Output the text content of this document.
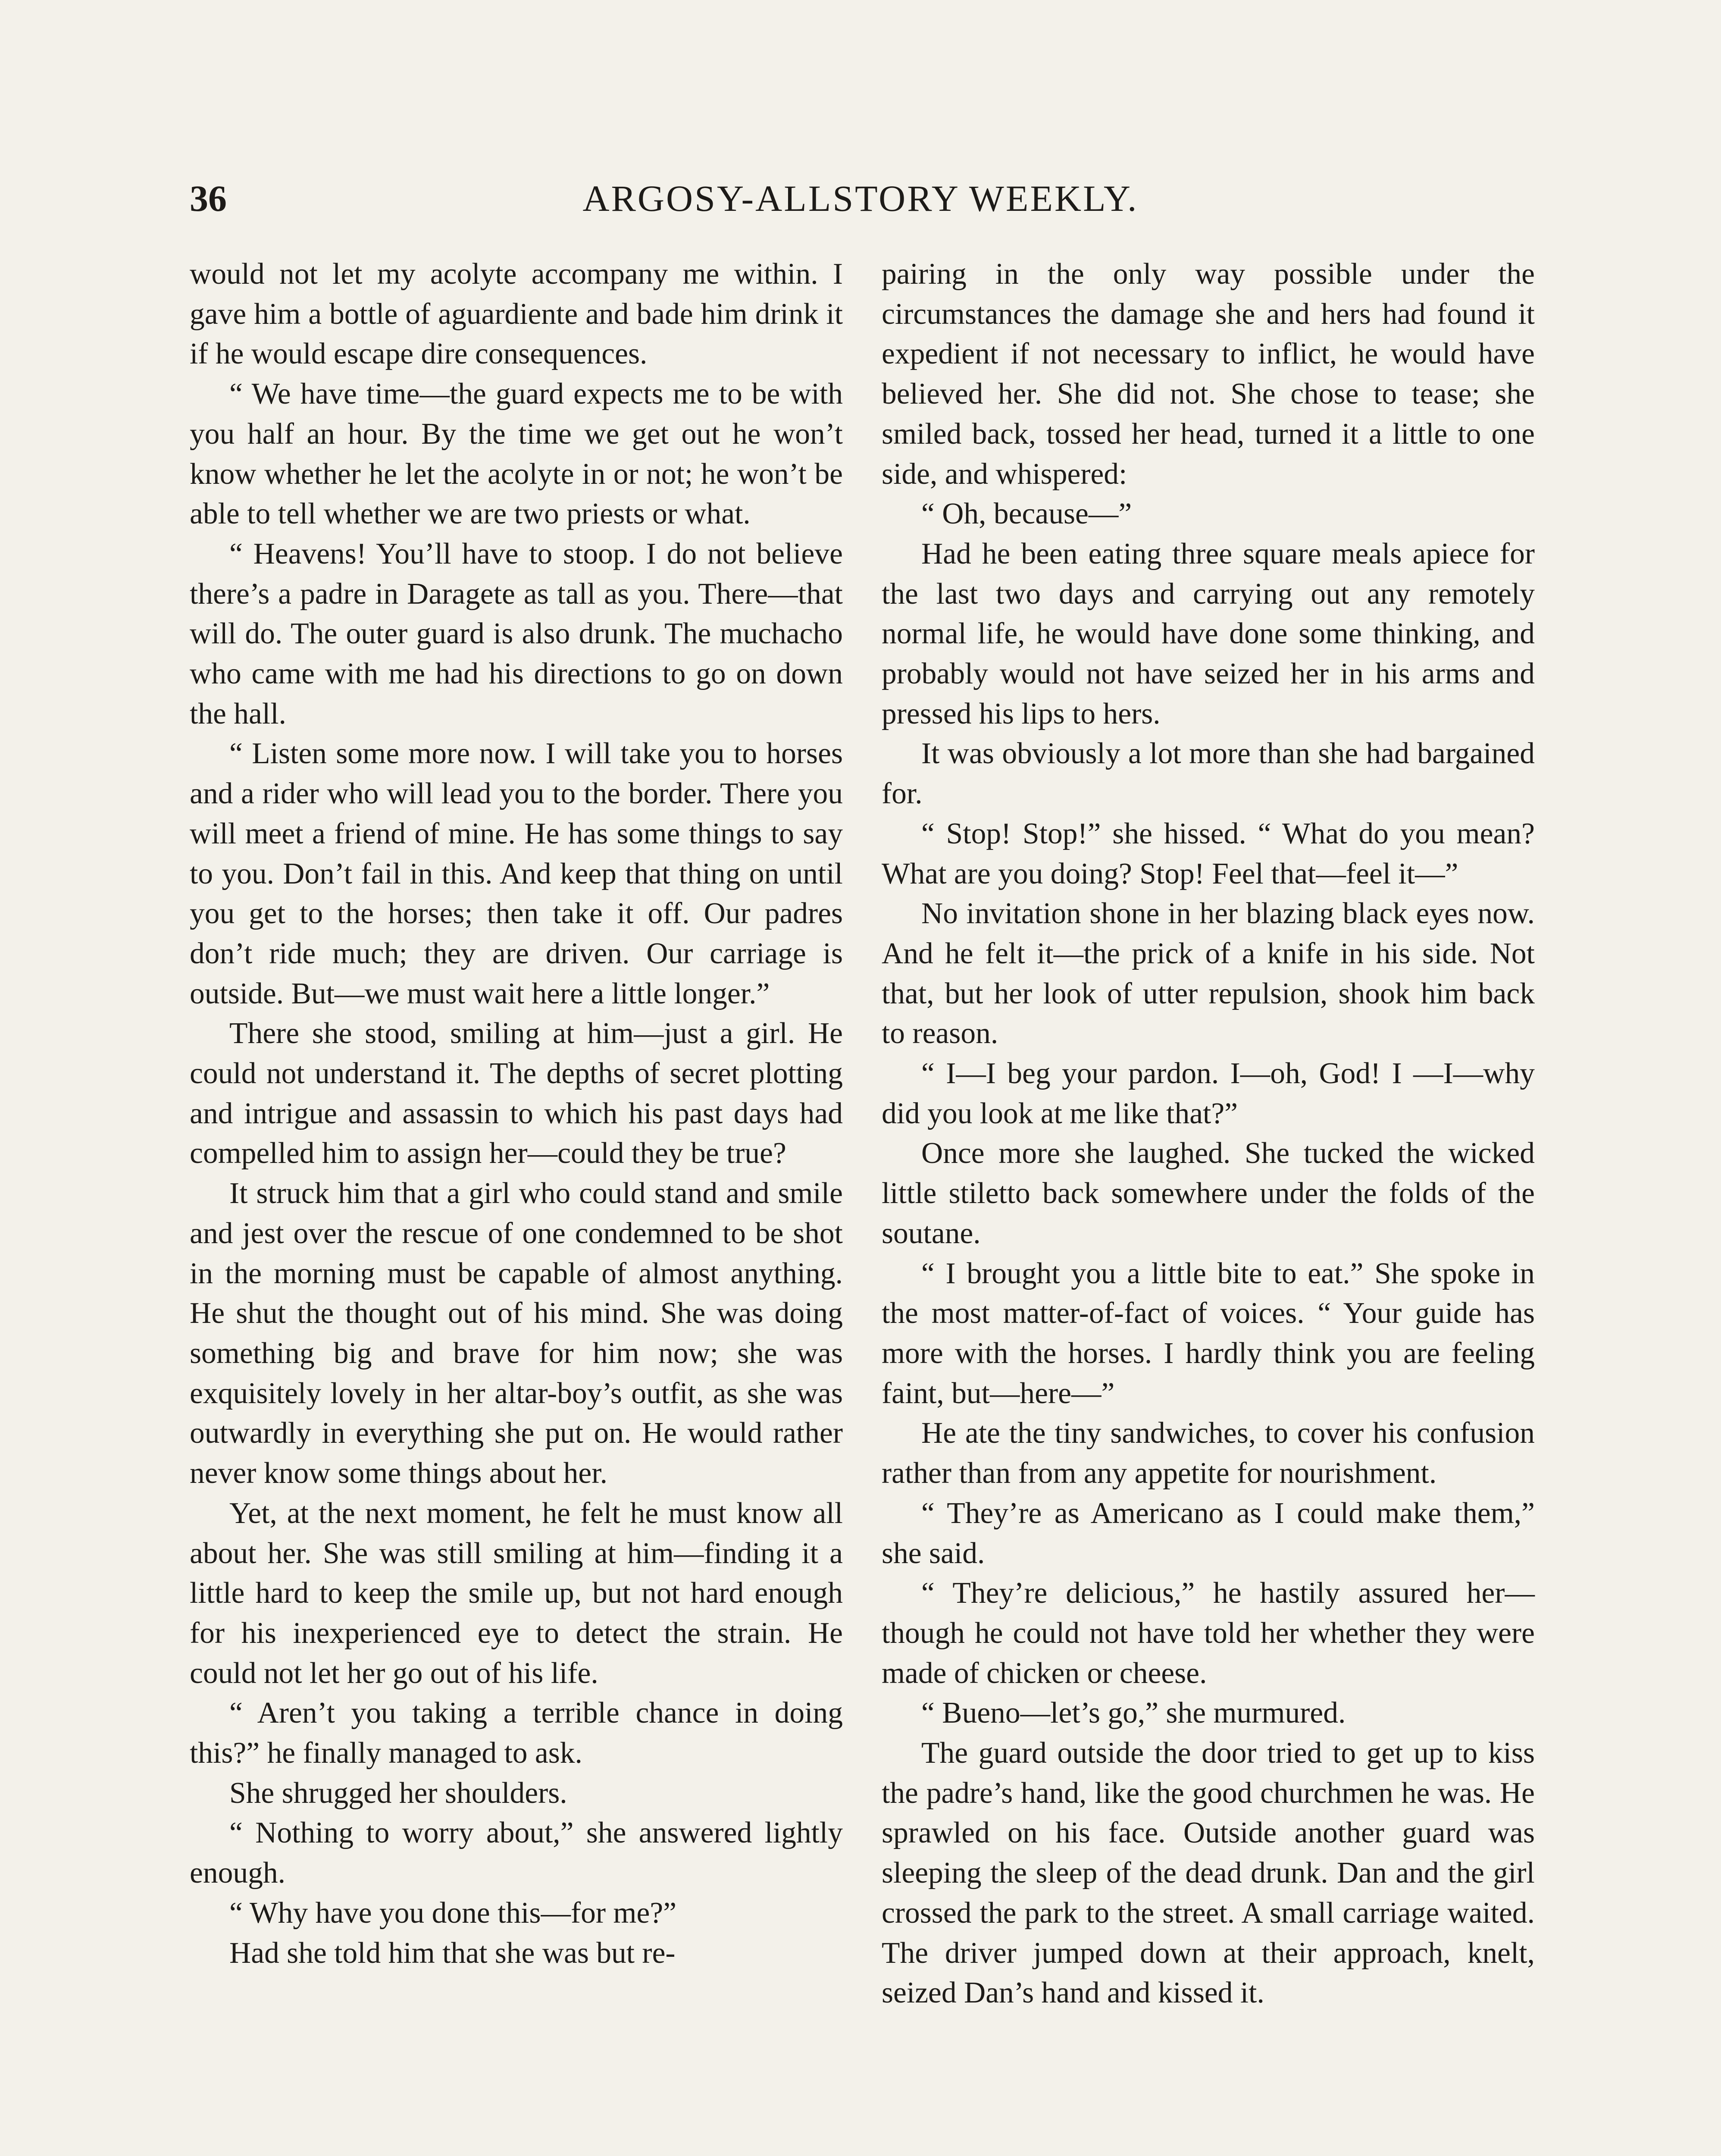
36	ARGOSY-ALLSTORY WEEKLY.

would not let my acolyte accompany me within. I gave him a bottle of aguardiente and bade him drink it if he would escape dire consequences.

“ We have time—the guard expects me to be with you half an hour. By the time we get out he won’t know whether he let the acolyte in or not; he won’t be able to tell whether we are two priests or what.

“ Heavens! You’ll have to stoop. I do not believe there’s a padre in Daragete as tall as you. There—that will do. The outer guard is also drunk. The muchacho who came with me had his directions to go on down the hall.

“ Listen some more now. I will take you to horses and a rider who will lead you to the border. There you will meet a friend of mine. He has some things to say to you. Don’t fail in this. And keep that thing on until you get to the horses; then take it off. Our padres don’t ride much; they are driven. Our carriage is outside. But—we must wait here a little longer.”

There she stood, smiling at him—just a girl. He could not understand it. The depths of secret plotting and intrigue and assassin to which his past days had compelled him to assign her—could they be true?

It struck him that a girl who could stand and smile and jest over the rescue of one condemned to be shot in the morning must be capable of almost anything. He shut the thought out of his mind. She was doing something big and brave for him now; she was exquisitely lovely in her altar-boy’s outfit, as she was outwardly in everything she put on. He would rather never know some things about her.

Yet, at the next moment, he felt he must know all about her. She was still smiling at him—finding it a little hard to keep the smile up, but not hard enough for his inexperienced eye to detect the strain. He could not let her go out of his life.

“ Aren’t you taking a terrible chance in doing this?” he finally managed to ask.

She shrugged her shoulders.

“ Nothing to worry about,” she answered lightly enough.

“ Why have you done this—for me?”

Had she told him that she was but re-

pairing in the only way possible under the circumstances the damage she and hers had found it expedient if not necessary to inflict, he would have believed her. She did not. She chose to tease; she smiled back, tossed her head, turned it a little to one side, and whispered:

“ Oh, because—”

Had he been eating three square meals apiece for the last two days and carrying out any remotely normal life, he would have done some thinking, and probably would not have seized her in his arms and pressed his lips to hers.

It was obviously a lot more than she had bargained for.

“ Stop! Stop!” she hissed. “ What do you mean? What are you doing? Stop! Feel that—feel it—”

No invitation shone in her blazing black eyes now. And he felt it—the prick of a knife in his side. Not that, but her look of utter repulsion, shook him back to reason.

“ I—I beg your pardon. I—oh, God! I —I—why did you look at me like that?”

Once more she laughed. She tucked the wicked little stiletto back somewhere under the folds of the soutane.

“ I brought you a little bite to eat.” She spoke in the most matter-of-fact of voices. “ Your guide has more with the horses. I hardly think you are feeling faint, but—here—”

He ate the tiny sandwiches, to cover his confusion rather than from any appetite for nourishment.

“ They’re as Americano as I could make them,” she said.

“ They’re delicious,” he hastily assured her—though he could not have told her whether they were made of chicken or cheese.

“ Bueno—let’s go,” she murmured.

The guard outside the door tried to get up to kiss the padre’s hand, like the good churchmen he was. He sprawled on his face. Outside another guard was sleeping the sleep of the dead drunk. Dan and the girl crossed the park to the street. A small carriage waited. The driver jumped down at their approach, knelt, seized Dan’s hand and kissed it.
